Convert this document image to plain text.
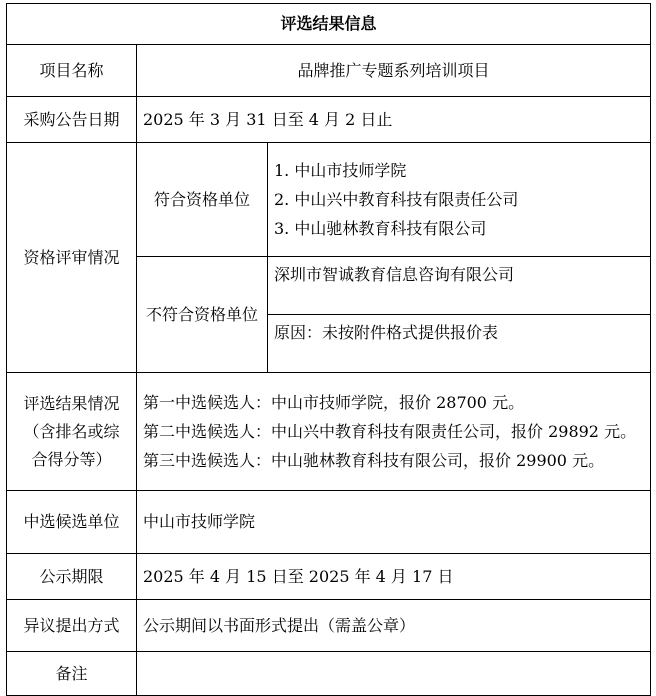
评选结果信息		
项目名称	品牌推广专题系列培训项目	
采购公告日期	2025 年 3 月 31 日至 4 月 2 日止	
资格评审情况	符合资格单位	1. 中山市技师学院
2. 中山兴中教育科技有限责任公司
3. 中山驰林教育科技有限公司

	不符合资格单位	深圳市智诚教育信息咨询有限公司
		原因：未按附件格式提供报价表

评选结果情况
（含排名或综
合得分等）	第一中选候选人：中山市技师学院，报价 28700 元。
第二中选候选人：中山兴中教育科技有限责任公司，报价 29892 元。
第三中选候选人：中山驰林教育科技有限公司，报价 29900 元。	

中选候选单位	中山市技师学院	
公示期限	2025 年 4 月 15 日至 2025 年 4 月 17 日	
异议提出方式	公示期间以书面形式提出（需盖公章）	
备注		
